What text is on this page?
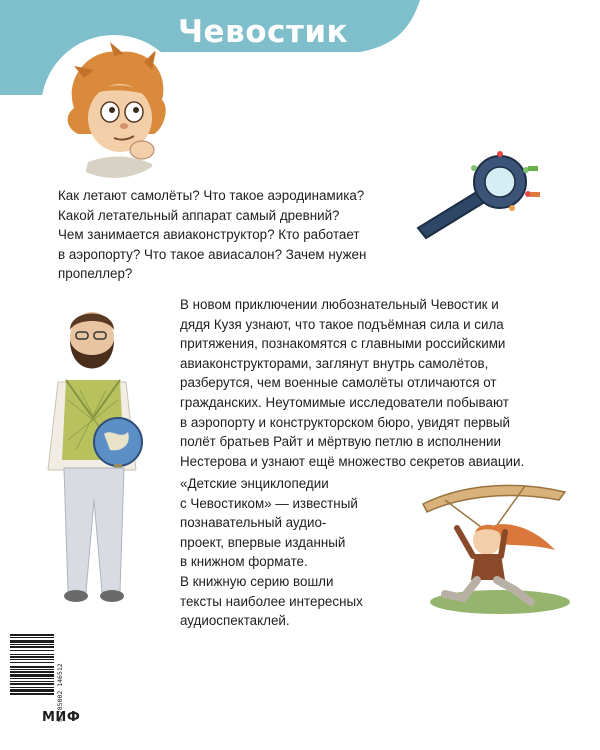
Чевостик
Как летают самолёты? Что такое аэродинамика?
Какой летательный аппарат самый древний?
Чем занимается авиаконструктор? Кто работает
в аэропорту? Что такое авиасалон? Зачем нужен
пропеллер?
В новом приключении любознательный Чевостик и
дядя Кузя узнают, что такое подъёмная сила и сила
притяжения, познакомятся с главными российскими
авиаконструкторами, заглянут внутрь самолётов,
разберутся, чем военные самолёты отличаются от
гражданских. Неутомимые исследователи побывают
в аэропорту и конструкторском бюро, увидят первый
полёт братьев Райт и мёртвую петлю в исполнении
Нестерова и узнают ещё множество секретов авиации.
«Детские энциклопедии
с Чевостиком» — известный
познавательный аудио-
проект, впервые изданный
в книжном формате.
В книжную серию вошли
тексты наиболее интересных
аудиоспектаклей.
9 785002 146512
МИФ
